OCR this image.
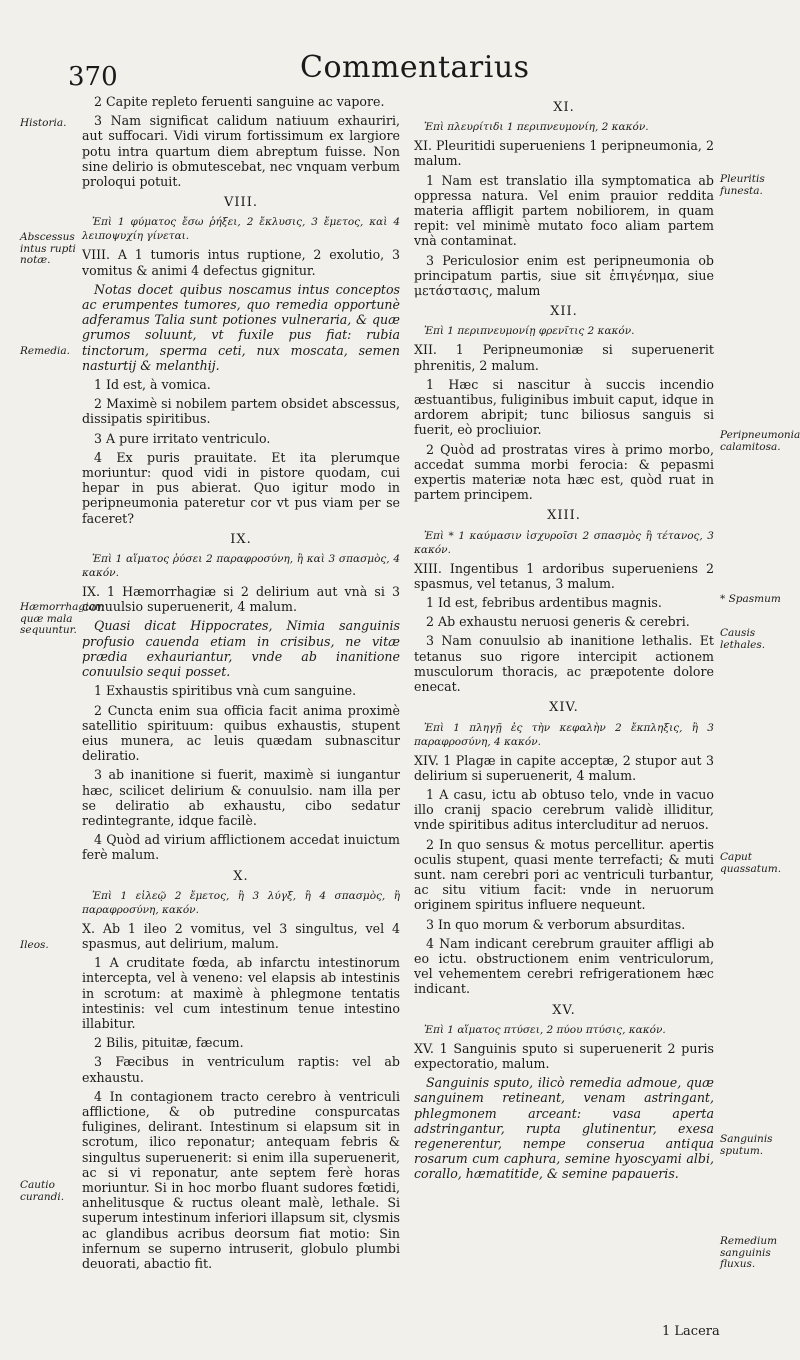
370	Commentarius
Historia.
Abscessus intus rupti notæ.
Remedia.
Hæmorrhagiam quæ mala sequuntur.
Ileos.
Cautio curandi.
Pleuritis funesta.
Peripneumonia calamitosa.
* Spasmum
Causis lethales.
Caput quassatum.
Sanguinis sputum.
Remedium sanguinis fluxus.

2 Capite repleto feruenti sanguine ac vapore.

3 Nam significat calidum natiuum exhauriri, aut suffocari. Vidi virum fortissimum ex largiore potu intra quartum diem abreptum fuisse. Non sine delirio is obmutescebat, nec vnquam verbum proloqui potuit.

VIII.

Ἐπὶ 1 φύματος ἔσω ῥήξει, 2 ἔκλυσις, 3 ἔμετος, καὶ 4 λειποψυχίη γίνεται.

VIII. A 1 tumoris intus ruptione, 2 exolutio, 3 vomitus & animi 4 defectus gignitur.

Notas docet quibus noscamus intus conceptos ac erumpentes tumores, quo remedia opportunè adferamus Talia sunt potiones vulneraria, & quæ grumos soluunt, vt fuxile pus fiat: rubia tinctorum, sperma ceti, nux moscata, semen nasturtij & melanthij.

1 Id est, à vomica.

2 Maximè si nobilem partem obsidet abscessus, dissipatis spiritibus.

3 A pure irritato ventriculo.

4 Ex puris prauitate. Et ita plerumque moriuntur: quod vidi in pistore quodam, cui hepar in pus abierat. Quo igitur modo in peripneumonia pateretur cor vt pus viam per se faceret?

IX.

Ἐπὶ 1 αἵματος ῥύσει 2 παραφροσύνη, ἢ καὶ 3 σπασμὸς, 4 κακόν.

IX. 1 Hæmorrhagiæ si 2 delirium aut vnà si 3 conuulsio superuenerit, 4 malum.

Quasi dicat Hippocrates, Nimia sanguinis profusio cauenda etiam in crisibus, ne vitæ prædia exhauriantur, vnde ab inanitione conuulsio sequi posset.

1 Exhaustis spiritibus vnà cum sanguine.

2 Cuncta enim sua officia facit anima proximè satellitio spirituum: quibus exhaustis, stupent eius munera, ac leuis quædam subnascitur deliratio.

3 ab inanitione si fuerit, maximè si iungantur hæc, scilicet delirium & conuulsio. nam illa per se deliratio ab exhaustu, cibo sedatur redintegrante, idque facilè.

4 Quòd ad virium afflictionem accedat inuictum ferè malum.

X.

Ἐπὶ 1 εἰλεῷ 2 ἔμετος, ἢ 3 λύγξ, ἢ 4 σπασμὸς, ἢ παραφροσύνη, κακόν.

X. Ab 1 ileo 2 vomitus, vel 3 singultus, vel 4 spasmus, aut delirium, malum.

1 A cruditate fœda, ab infarctu intestinorum intercepta, vel à veneno: vel elapsis ab intestinis in scrotum: at maximè à phlegmone tentatis intestinis: vel cum intestinum tenue intestino illabitur.

2 Bilis, pituitæ, fæcum.

3 Fæcibus in ventriculum raptis: vel ab exhaustu.

4 In contagionem tracto cerebro à ventriculi afflictione, & ob putredine conspurcatas fuligines, delirant. Intestinum si elapsum sit in scrotum, ilico reponatur; antequam febris & singultus superuenerit: si enim illa superuenerit, ac si vi reponatur, ante septem ferè horas moriuntur. Si in hoc morbo fluant sudores fœtidi, anhelitusque & ructus oleant malè, lethale. Si superum intestinum inferiori illapsum sit, clysmis ac glandibus acribus deorsum fiat motio: Sin infernum se superno intruserit, globulo plumbi deuorati, abactio fit.

XI.

Ἐπὶ πλευρίτιδι 1 περιπνευμονίη, 2 κακόν.

XI. Pleuritidi superueniens 1 peripneumonia, 2 malum.

1 Nam est translatio illa symptomatica ab oppressa natura. Vel enim prauior reddita materia affligit partem nobiliorem, in quam repit: vel minimè mutato foco aliam partem vnà contaminat.

3 Periculosior enim est peripneumonia ob principatum partis, siue sit ἐπιγένημα, siue μετάστασις, malum

XII.

Ἐπὶ 1 περιπνευμονίῃ φρενῖτις 2 κακόν.

XII. 1 Peripneumoniæ si superuenerit phrenitis, 2 malum.

1 Hæc si nascitur à succis incendio æstuantibus, fuliginibus imbuit caput, idque in ardorem abripit; tunc biliosus sanguis si fuerit, eò procliuior.

2 Quòd ad prostratas vires à primo morbo, accedat summa morbi ferocia: & pepasmi expertis materiæ nota hæc est, quòd ruat in partem principem.

XIII.

Ἐπὶ * 1 καύμασιν ἰσχυροῖσι 2 σπασμὸς ἢ τέτανος, 3 κακόν.

XIII. Ingentibus 1 ardoribus superueniens 2 spasmus, vel tetanus, 3 malum.

1 Id est, febribus ardentibus magnis.

2 Ab exhaustu neruosi generis & cerebri.

3 Nam conuulsio ab inanitione lethalis. Et tetanus suo rigore intercipit actionem musculorum thoracis, ac præpotente dolore enecat.

XIV.

Ἐπὶ 1 πληγῇ ἐς τὴν κεφαλὴν 2 ἔκπληξις, ἢ 3 παραφροσύνη, 4 κακόν.

XIV. 1 Plagæ in capite acceptæ, 2 stupor aut 3 delirium si superuenerit, 4 malum.

1 A casu, ictu ab obtuso telo, vnde in vacuo illo cranij spacio cerebrum validè illiditur, vnde spiritibus aditus intercluditur ad neruos.

2 In quo sensus & motus percellitur. apertis oculis stupent, quasi mente terrefacti; & muti sunt. nam cerebri pori ac ventriculi turbantur, ac situ vitium facit: vnde in neruorum originem spiritus influere nequeunt.

3 In quo morum & verborum absurditas.

4 Nam indicant cerebrum grauiter affligi ab eo ictu. obstructionem enim ventriculorum, vel vehementem cerebri refrigerationem hæc indicant.

XV.

Ἐπὶ 1 αἵματος πτύσει, 2 πύου πτύσις, κακόν.

XV. 1 Sanguinis sputo si superuenerit 2 puris expectoratio, malum.

Sanguinis sputo, ilicò remedia admoue, quæ sanguinem retineant, venam astringant, phlegmonem arceant: vasa aperta adstringantur, rupta glutinentur, exesa regenerentur, nempe conserua antiqua rosarum cum caphura, semine hyoscyami albi, corallo, hæmatitide, & semine papaueris.

1 Lacera
